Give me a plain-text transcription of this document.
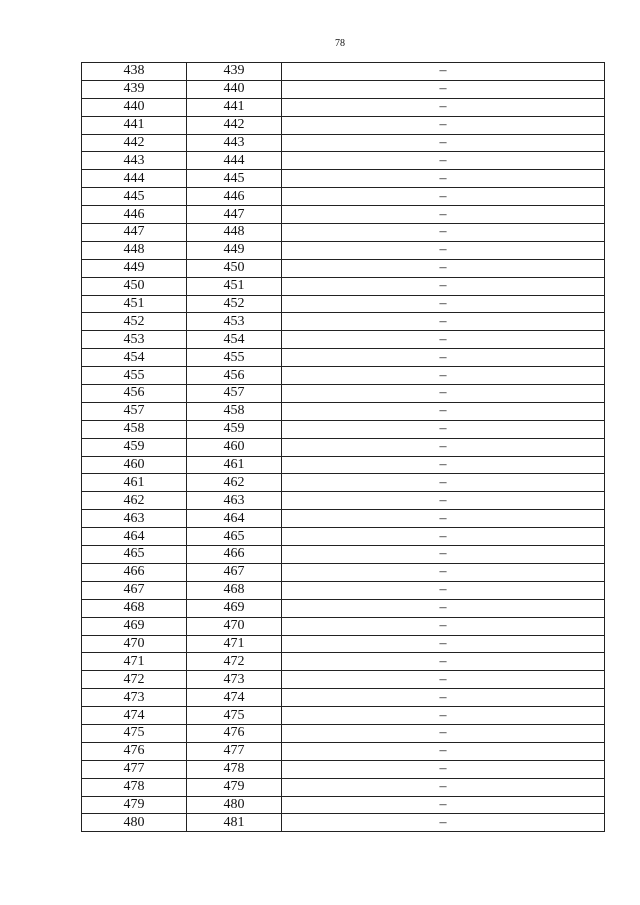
78
438	439	–
439	440	–
440	441	–
441	442	–
442	443	–
443	444	–
444	445	–
445	446	–
446	447	–
447	448	–
448	449	–
449	450	–
450	451	–
451	452	–
452	453	–
453	454	–
454	455	–
455	456	–
456	457	–
457	458	–
458	459	–
459	460	–
460	461	–
461	462	–
462	463	–
463	464	–
464	465	–
465	466	–
466	467	–
467	468	–
468	469	–
469	470	–
470	471	–
471	472	–
472	473	–
473	474	–
474	475	–
475	476	–
476	477	–
477	478	–
478	479	–
479	480	–
480	481	–
